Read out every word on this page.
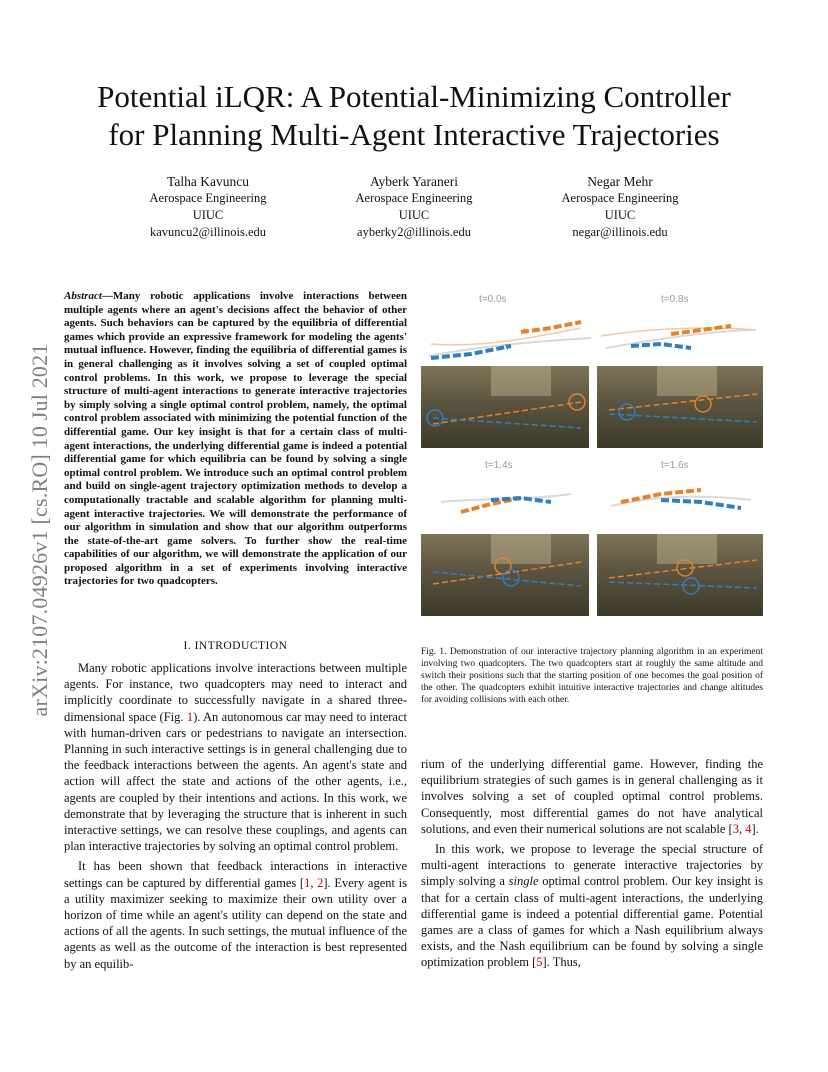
arXiv:2107.04926v1 [cs.RO] 10 Jul 2021
Potential iLQR: A Potential-Minimizing Controller
for Planning Multi-Agent Interactive Trajectories
Talha Kavuncu
Aerospace Engineering
UIUC
kavuncu2@illinois.edu
Ayberk Yaraneri
Aerospace Engineering
UIUC
ayberky2@illinois.edu
Negar Mehr
Aerospace Engineering
UIUC
negar@illinois.edu
Abstract—Many robotic applications involve interactions between multiple agents where an agent's decisions affect the behavior of other agents. Such behaviors can be captured by the equilibria of differential games which provide an expressive framework for modeling the agents' mutual influence. However, finding the equilibria of differential games is in general challenging as it involves solving a set of coupled optimal control problems. In this work, we propose to leverage the special structure of multi-agent interactions to generate interactive trajectories by simply solving a single optimal control problem, namely, the optimal control problem associated with minimizing the potential function of the differential game. Our key insight is that for a certain class of multi-agent interactions, the underlying differential game is indeed a potential differential game for which equilibria can be found by solving a single optimal control problem. We introduce such an optimal control problem and build on single-agent trajectory optimization methods to develop a computationally tractable and scalable algorithm for planning multi-agent interactive trajectories. We will demonstrate the performance of our algorithm in simulation and show that our algorithm outperforms the state-of-the-art game solvers. To further show the real-time capabilities of our algorithm, we will demonstrate the application of our proposed algorithm in a set of experiments involving interactive trajectories for two quadcopters.
I. INTRODUCTION

Many robotic applications involve interactions between multiple agents. For instance, two quadcopters may need to interact and implicitly coordinate to successfully navigate in a shared three-dimensional space (Fig. 1). An autonomous car may need to interact with human-driven cars or pedestrians to navigate an intersection. Planning in such interactive settings is in general challenging due to the feedback interactions between the agents. An agent's state and action will affect the state and actions of the other agents, i.e., agents are coupled by their intentions and actions. In this work, we demonstrate that by leveraging the structure that is inherent in such interactive settings, we can resolve these couplings, and agents can plan interactive trajectories by solving an optimal control problem.

It has been shown that feedback interactions in interactive settings can be captured by differential games [1, 2]. Every agent is a utility maximizer seeking to maximize their own utility over a horizon of time while an agent's utility can depend on the state and actions of all the agents. In such settings, the mutual influence of the agents as well as the outcome of the interaction is best represented by an equilib-

t=0.0s	t=0.8s
t=1.4s	t=1.6s
Fig. 1. Demonstration of our interactive trajectory planning algorithm in an experiment involving two quadcopters. The two quadcopters start at roughly the same altitude and switch their positions such that the starting position of one becomes the goal position of the other. The quadcopters exhibit intuitive interactive trajectories and change altitudes for avoiding collisions with each other.

rium of the underlying differential game. However, finding the equilibrium strategies of such games is in general challenging as it involves solving a set of coupled optimal control problems. Consequently, most differential games do not have analytical solutions, and even their numerical solutions are not scalable [3, 4].

In this work, we propose to leverage the special structure of multi-agent interactions to generate interactive trajectories by simply solving a single optimal control problem. Our key insight is that for a certain class of multi-agent interactions, the underlying differential game is indeed a potential differential game. Potential games are a class of games for which a Nash equilibrium always exists, and the Nash equilibrium can be found by solving a single optimization problem [5]. Thus,
